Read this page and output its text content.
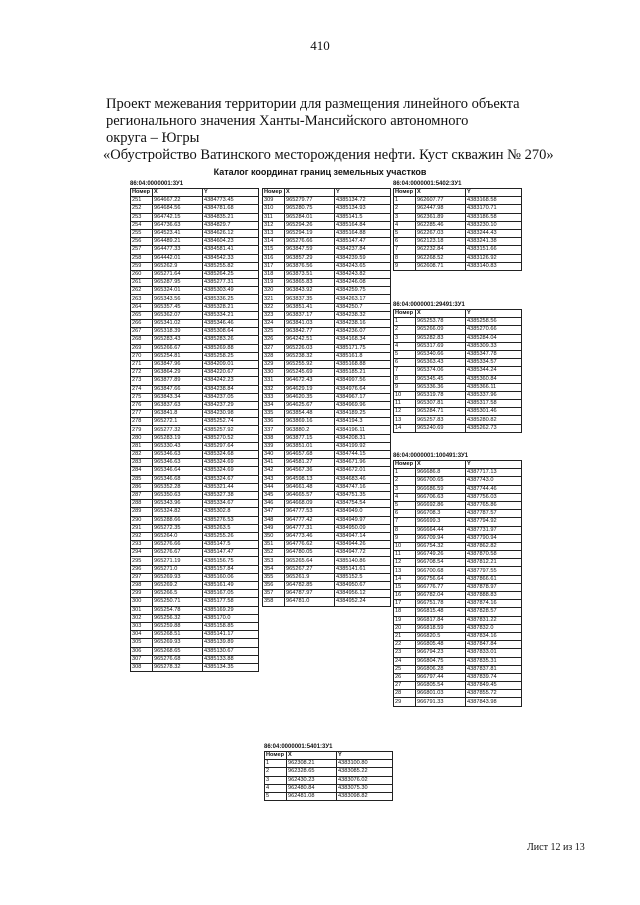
410
Проект межевания территории для размещения линейного объекта
регионального значения Ханты-Мансийского автономного
округа – Югры
«Обустройство Ватинского месторождения нефти. Куст скважин № 270»
Каталог координат границ земельных участков
86:04:0000001:3У1
Номер	X	Y
251	964667.22	4384773.45
252	964684.56	4384781.68
253	964742.15	4384835.21
254	964736.63	4384829.7
255	964523.41	4384626.12
256	964489.21	4384604.23
257	964477.33	4384581.41
258	964442.01	4384542.33
259	965262.9	4385255.82
260	965271.64	4385264.25
261	965287.95	4385277.31
262	965324.01	4385303.49
263	965343.56	4385336.25
264	965357.45	4385328.21
265	965362.07	4385334.21
266	965341.02	4385346.46
267	965318.39	4385308.64
268	965283.43	4385283.26
269	965266.67	4385269.88
270	965254.81	4385258.25
271	963847.96	4384209.01
272	963864.29	4384220.67
273	963877.89	4384242.23
274	963847.66	4384238.84
275	963843.34	4384237.05
276	963837.63	4384237.29
277	963841.8	4384230.98
278	965272.1	4385252.74
279	965277.32	4385257.92
280	965283.19	4385270.52
281	965330.43	4385297.64
282	965346.63	4385324.68
283	965346.63	4385324.69
284	965346.64	4385324.69
285	965346.68	4385324.67
286	965352.28	4385321.44
287	965350.63	4385327.38
288	965343.96	4385334.67
289	965324.82	4385302.8
290	965288.66	4385276.53
291	965272.35	4385263.5
292	965264.0	4385255.26
293	965276.66	4385147.5
294	965276.67	4385147.47
295	965271.19	4385156.75
296	965271.0	4385157.84
297	965269.93	4385160.06
298	965269.2	4385161.49
299	965266.5	4385167.05
300	965250.71	4385177.58
301	965254.78	4385169.29
302	965256.32	4385170.0
303	965259.88	4385158.85
304	965268.51	4385141.17
305	965269.93	4385139.89
306	965268.65	4385130.67
307	965276.68	4385133.88
308	965278.32	4385134.35
Номер	X	Y
309	965279.77	4385134.72
310	965280.75	4385134.93
311	965284.01	4385141.5
312	965294.26	4385164.84
313	965294.19	4385164.88
314	965276.66	4385147.47
315	963847.59	4384237.84
316	963857.29	4384239.59
317	963876.56	4384243.65
318	963873.51	4384243.82
319	963865.83	4384246.08
320	963843.92	4384259.75
321	963837.35	4384263.17
322	963851.41	4384250.7
323	963837.17	4384238.32
324	963841.03	4384238.16
325	963842.77	4384236.07
326	964242.51	4384168.34
327	965226.03	4385171.75
328	965238.32	4385161.8
329	965255.92	4385168.88
330	965245.69	4385185.21
331	964672.43	4384997.56
332	964629.19	4384976.64
333	964620.35	4384967.17
334	964625.67	4384969.96
335	963854.48	4384189.25
336	963869.16	4384194.3
337	963880.2	4384196.11
338	963877.15	4384208.31
339	963851.01	4384199.92
340	964657.68	4384744.15
341	964581.27	4384671.96
342	964567.36	4384672.01
343	964598.13	4384683.46
344	964661.48	4384747.16
345	964665.57	4384751.35
346	964668.09	4384754.54
347	964777.53	4384949.0
348	964777.42	4384949.97
349	964777.31	4384950.09
350	964773.46	4384947.14
351	964776.62	4384944.26
352	964780.05	4384947.72
353	965265.64	4385140.86
354	965267.27	4385141.61
355	965261.9	4385152.5
356	964782.85	4384950.67
357	964787.97	4384956.12
358	964781.0	4384952.24
86:04:0000001:5401:3У1
Номер	X	Y
1	962308.21	4383100.80
2	962328.65	4383085.22
3	962430.23	4383076.02
4	962480.84	4383075.30
5	962481.08	4383098.82
86:04:0000001:5402:3У1
Номер	X	Y
1	962607.77	4383168.58
2	962447.98	4383170.71
3	962361.89	4383186.58
4	962285.46	4383230.10
5	962267.03	4383244.43
6	962123.18	4383241.38
7	962232.84	4383151.66
8	962268.52	4383126.92
9	962608.71	4383140.83
86:04:0000001:29491:3У1
Номер	X	Y
1	965253.78	4385258.56
2	965266.09	4385270.66
3	965282.83	4385284.04
4	965317.69	4385309.33
5	965340.66	4385347.78
6	965363.43	4385334.57
7	965374.06	4385344.24
8	965345.45	4385360.84
9	965336.36	4385366.11
10	965319.78	4385337.96
11	965307.81	4385317.58
12	965284.71	4385301.46
13	965257.83	4385280.82
14	965240.69	4385262.73
86:04:0000001:100491:3У1
Номер	X	Y
1	966686.8	4387717.13
2	966700.65	4387743.0
3	966686.59	4387744.46
4	966706.63	4387756.03
5	966692.86	4387765.86
6	966708.3	4387787.57
7	966699.3	4387794.92
8	966664.44	4387731.97
9	966709.94	4387790.94
10	966754.32	4387862.82
11	966749.26	4387870.58
12	966708.54	4387812.21
13	966700.68	4387797.55
14	966756.64	4387866.61
15	966776.77	4387878.97
16	966782.04	4387888.83
17	966751.78	4387874.16
18	966815.48	4387828.57
19	966817.84	4387831.22
20	966818.59	4387832.0
21	966820.5	4387834.16
22	966805.48	4387847.84
23	966794.23	4387833.01
24	966804.75	4387835.31
25	966806.28	4387837.81
26	966797.44	4387839.74
27	966805.54	4387849.45
28	966801.03	4387855.72
29	966791.33	4387843.98
Лист 12 из 13
